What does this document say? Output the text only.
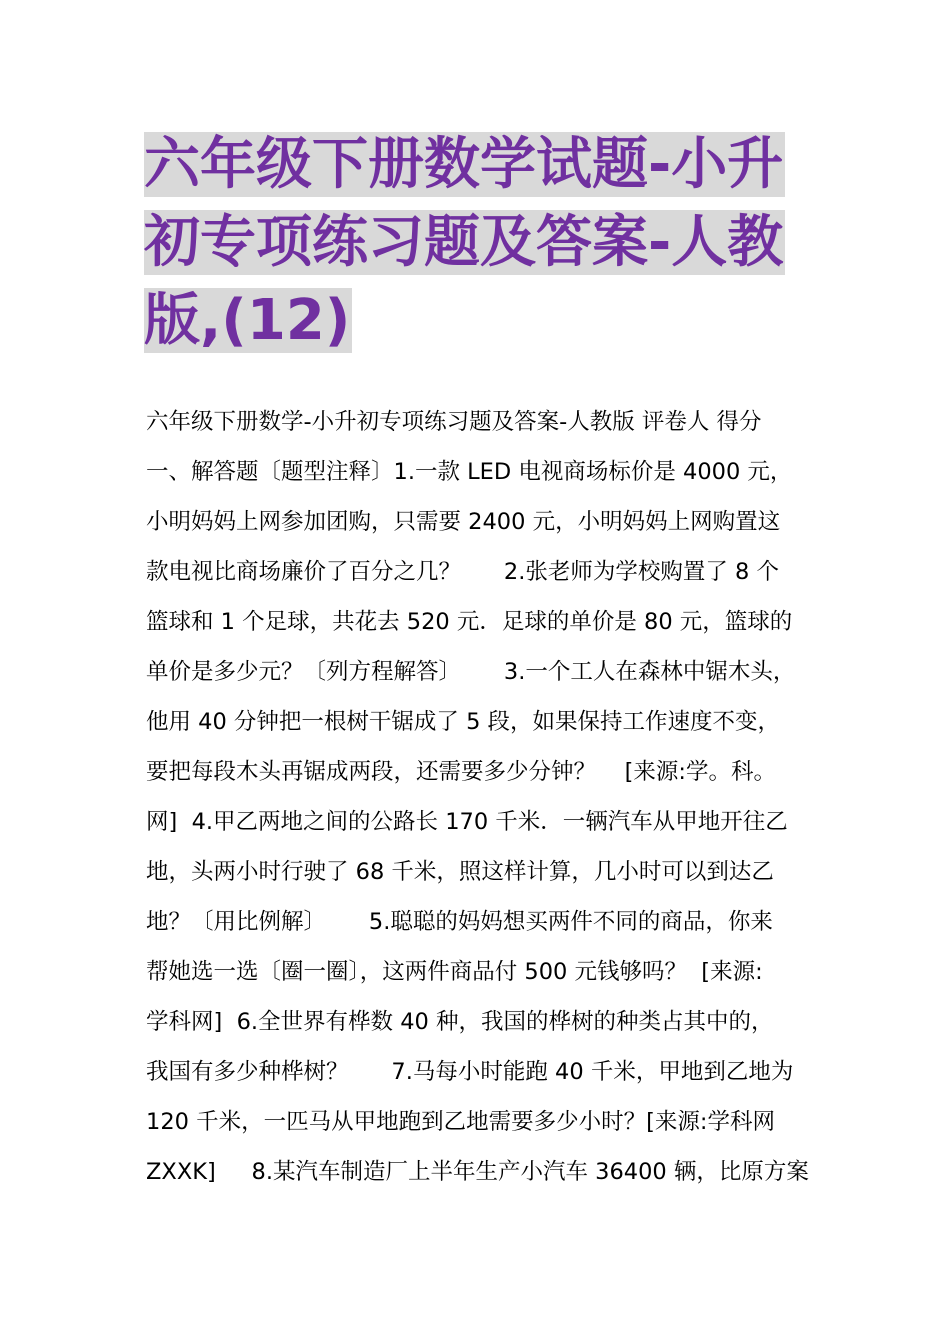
六年级下册数学试题-小升
初专项练习题及答案-人教
版,(12)
六年级下册数学-小升初专项练习题及答案-人教版 评卷人 得分
一、解答题〔题型注释〕1.一款 LED 电视商场标价是 4000 元，
小明妈妈上网参加团购，只需要 2400 元，小明妈妈上网购置这
款电视比商场廉价了百分之几？      2.张老师为学校购置了 8 个
篮球和 1 个足球，共花去 520 元．足球的单价是 80 元，篮球的
单价是多少元？〔列方程解答〕      3.一个工人在森林中锯木头，
他用 40 分钟把一根树干锯成了 5 段，如果保持工作速度不变，
要把每段木头再锯成两段，还需要多少分钟？    [来源:学。科。
网]  4.甲乙两地之间的公路长 170 千米．一辆汽车从甲地开往乙
地，头两小时行驶了 68 千米，照这样计算，几小时可以到达乙
地？〔用比例解〕      5.聪聪的妈妈想买两件不同的商品，你来
帮她选一选〔圈一圈〕，这两件商品付 500 元钱够吗？  [来源:
学科网]  6.全世界有桦数 40 种，我国的桦树的种类占其中的，
我国有多少种桦树？      7.马每小时能跑 40 千米，甲地到乙地为
120 千米，一匹马从甲地跑到乙地需要多少小时？[来源:学科网
ZXXK]     8.某汽车制造厂上半年生产小汽车 36400 辆，比原方案
